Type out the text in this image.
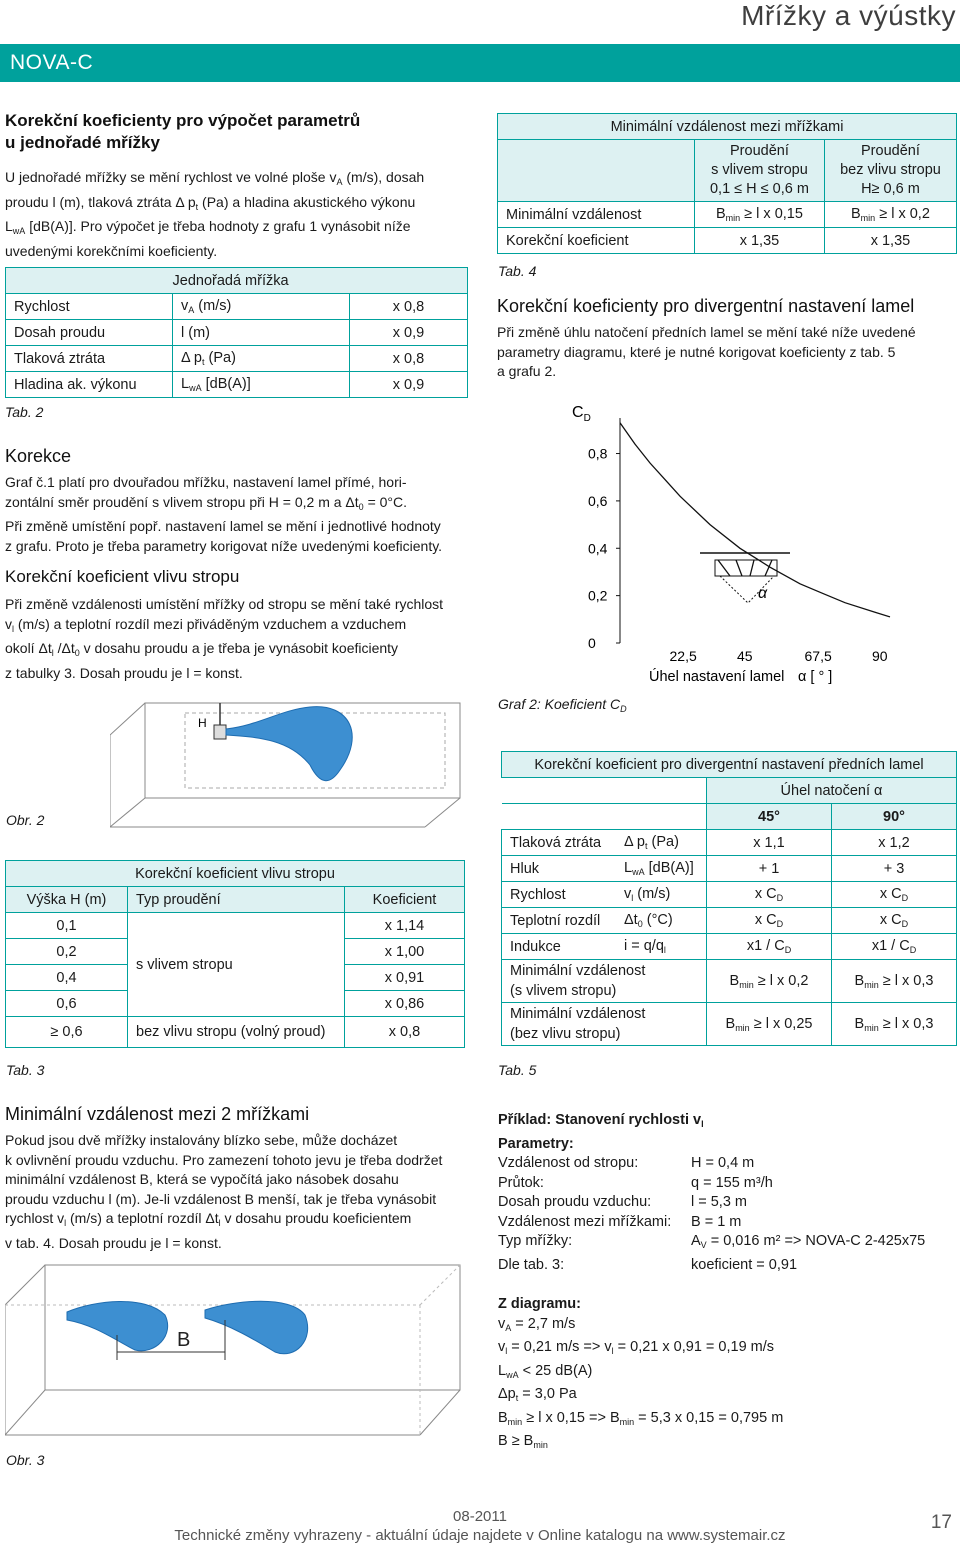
Mřížky a výústky
NOVA-C
Korekční koeficienty pro výpočet parametrů
u jednořadé mřížky
U jednořadé mřížky se mění rychlost ve volné ploše $v_A$ (m/s), dosah
proudu l (m), tlaková ztráta Δ $p_t$ (Pa) a hladina akustického výkonu
$L_{wA}$ [dB(A)]. Pro výpočet je třeba hodnoty z grafu 1 vynásobit níže
uvedenými korekčními koeficienty.
	Jednořadá mřížka	
Rychlost	$v_A$ (m/s)	x 0,8
Dosah proudu	l (m)	x 0,9
Tlaková ztráta	Δ $p_t$ (Pa)	x 0,8
Hladina ak. výkonu	$L_{wA}$ [dB(A)]	x 0,9
Tab. 2
Korekce
Graf č.1 platí pro dvouřadou mřížku, nastavení lamel přímé, hori-
zontální směr proudění s vlivem stropu při H = 0,2 m a $\Delta t_0 = 0^\circ C$.
Při změně umístění popř. nastavení lamel se mění i jednotlivé hodnoty
z grafu. Proto je třeba parametry korigovat níže uvedenými koeficienty.
Korekční koeficient vlivu stropu
Při změně vzdálenosti umístění mřížky od stropu se mění také rychlost
$v_l$ (m/s) a teplotní rozdíl mezi přiváděným vzduchem a vzduchem
okolí $\Delta t_l$ $/\Delta t_0$ v dosahu proudu a je třeba je vynásobit koeficienty
z tabulky 3. Dosah proudu je l = konst.
H
Obr. 2
Korekční koeficient vlivu stropu		
Výška H (m)	Typ proudění	Koeficient
0,1	s vlivem stropu	x 1,14
0,2		x 1,00
0,4		x 0,91
0,6		x 0,86
≥ 0,6	bez vlivu stropu (volný proud)	x 0,8
Tab. 3
Minimální vzdálenost mezi 2 mřížkami
Pokud jsou dvě mřížky instalovány blízko sebe, může docházet
k ovlivnění proudu vzduchu. Pro zamezení tohoto jevu je třeba dodržet
minimální vzdálenost B, která se vypočítá jako násobek dosahu
proudu vzduchu l (m). Je-li vzdálenost B menší, tak je třeba vynásobit
rychlost $v_l$ (m/s) a teplotní rozdíl $\Delta t_l$ v dosahu proudu koeficientem
v tab. 4. Dosah proudu je l = konst.
B
Obr. 3
Minimální vzdálenost mezi mřížkami		
	Proudění
s vlivem stropu
0,1 ≤ H ≤ 0,6 m	Proudění
bez vlivu stropu
H≥ 0,6 m
Minimální vzdálenost	$B_{min} \ge l$ x 0,15	$B_{min} \ge l$ x 0,2
Korekční koeficient	x 1,35	x 1,35
Tab. 4
Korekční koeficienty pro divergentní nastavení lamel
Při změně úhlu natočení předních lamel se mění také níže uvedené
parametry diagramu, které je nutné korigovat koeficienty z tab. 5
a grafu 2.
$C_D$
0
0,2
0,4
0,6
0,8
22,5	45	67,5	90
α
Úhel nastavení lamel α [ ° ]
Graf 2: Koeficient $C_D$
Korekční koeficient pro divergentní nastavení předních lamel			
		Úhel natočení α	
		45°	90°
Tlaková ztráta	Δ $p_t$ (Pa)	x 1,1	x 1,2
Hluk	$L_{wA}$ [dB(A)]	+ 1	+ 3
Rychlost	$v_l$ (m/s)	x $C_D$	x $C_D$
Teplotní rozdíl	$\Delta t_0$ (°C)	x $C_D$	x $C_D$
Indukce	$i = q/q_l$	$x1 / C_D$	$x1 / C_D$
Minimální vzdálenost
(s vlivem stropu)		$B_{min} \ge l$ x 0,2	$B_{min} \ge l$ x 0,3
Minimální vzdálenost
(bez vlivu stropu)		$B_{min} \ge l$ x 0,25	$B_{min} \ge l$ x 0,3
Tab. 5
Příklad: Stanovení rychlosti $v_l$
Parametry:
Vzdálenost od stropu:	H = 0,4 m
Průtok:	q = 155 m³/h
Dosah proudu vzduchu:	l = 5,3 m
Vzdálenost mezi mřížkami:	B = 1 m
Typ mřížky:	$A_V = 0,016$ m² => NOVA-C 2-425x75
Dle tab. 3:	koeficient = 0,91
Z diagramu:
$v_A = 2,7$ m/s
$v_l = 0,21$ $m/s => v_l = 0,21$ x 0,91 = 0,19 m/s
$L_{wA} < 25$ dB(A)
$\Delta p_t = 3,0$ Pa
$B_{min} \ge l$ x $0,15 => B_{min} = 5,3$ x 0,15 = 0,795 m
$B \ge B_{min}$
08-2011
Technické změny vyhrazeny - aktuální údaje najdete v Online katalogu na www.systemair.cz
17
